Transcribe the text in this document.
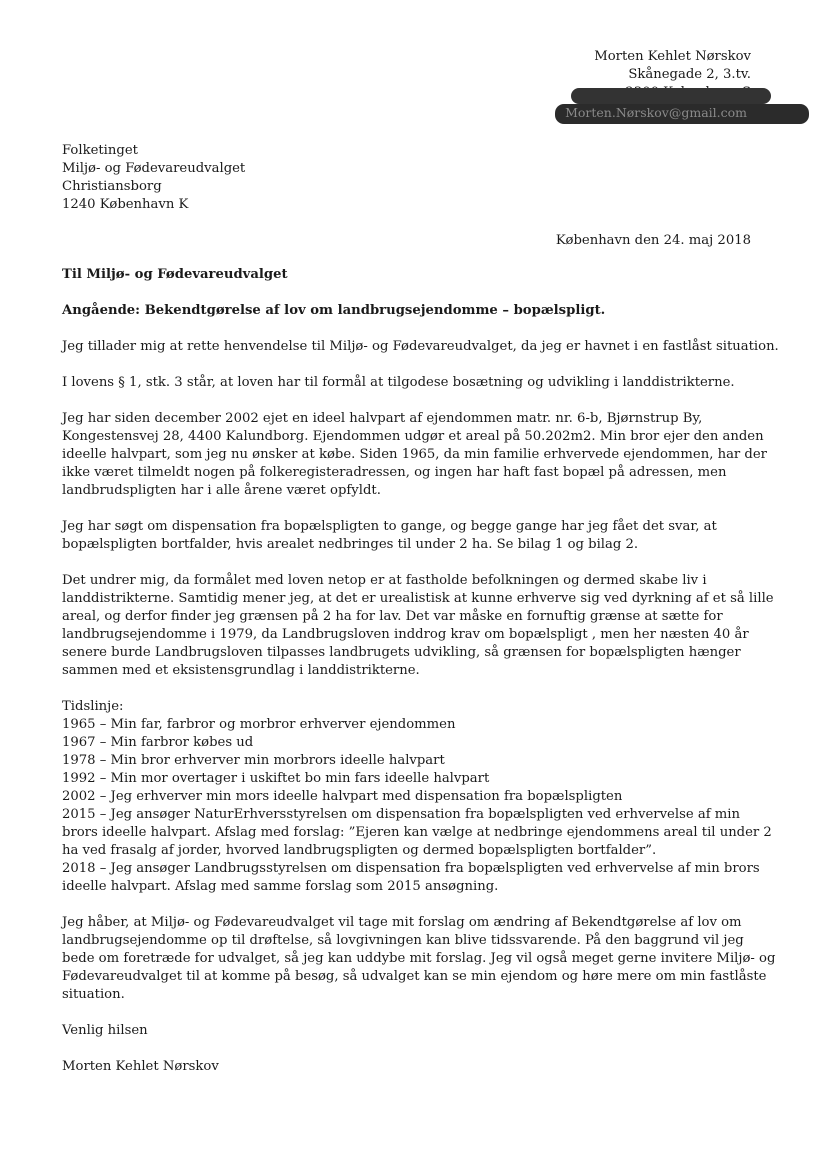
Morten Kehlet Nørskov
Skånegade 2, 3.tv.
Morten.Nørskov@gmail.com
Folketinget
Miljø- og Fødevareudvalget
Christiansborg
1240 København K
København den 24. maj 2018

Til Miljø- og Fødevareudvalget

Angående: Bekendtgørelse af lov om landbrugsejendomme – bopælspligt.

Jeg tillader mig at rette henvendelse til Miljø- og Fødevareudvalget, da jeg er havnet i en fastlåst situation.
I lovens § 1, stk. 3 står, at loven har til formål at tilgodese bosætning og udvikling i landdistrikterne.
Jeg har siden december 2002 ejet en ideel halvpart af ejendommen matr. nr. 6-b, Bjørnstrup By,
Kongestensvej 28, 4400 Kalundborg. Ejendommen udgør et areal på 50.202m2. Min bror ejer den anden
ideelle halvpart, som jeg nu ønsker at købe. Siden 1965, da min familie erhvervede ejendommen, har der
ikke været tilmeldt nogen på folkeregisteradressen, og ingen har haft fast bopæl på adressen, men
landbrudspligten har i alle årene været opfyldt.
Jeg har søgt om dispensation fra bopælspligten to gange, og begge gange har jeg fået det svar, at
bopælspligten bortfalder, hvis arealet nedbringes til under 2 ha. Se bilag 1 og bilag 2.
Det undrer mig, da formålet med loven netop er at fastholde befolkningen og dermed skabe liv i
landdistrikterne. Samtidig mener jeg, at det er urealistisk at kunne erhverve sig ved dyrkning af et så lille
areal, og derfor finder jeg grænsen på 2 ha for lav. Det var måske en fornuftig grænse at sætte for
landbrugsejendomme i 1979, da Landbrugsloven inddrog krav om bopælspligt , men her næsten 40 år
senere burde Landbrugsloven tilpasses landbrugets udvikling, så grænsen for bopælspligten hænger
sammen med et eksistensgrundlag i landdistrikterne.
Tidslinje:
1965 – Min far, farbror og morbror erhverver ejendommen
1967 – Min farbror købes ud
1978 – Min bror erhverver min morbrors ideelle halvpart
1992 – Min mor overtager i uskiftet bo min fars ideelle halvpart
2002 – Jeg erhverver min mors ideelle halvpart med dispensation fra bopælspligten
2015 – Jeg ansøger NaturErhversstyrelsen om dispensation fra bopælspligten ved erhvervelse af min
brors ideelle halvpart. Afslag med forslag: ”Ejeren kan vælge at nedbringe ejendommens areal til under 2
ha ved frasalg af jorder, hvorved landbrugspligten og dermed bopælspligten bortfalder”.
2018 – Jeg ansøger Landbrugsstyrelsen om dispensation fra bopælspligten ved erhvervelse af min brors
ideelle halvpart. Afslag med samme forslag som 2015 ansøgning.
Jeg håber, at Miljø- og Fødevareudvalget vil tage mit forslag om ændring af Bekendtgørelse af lov om
landbrugsejendomme op til drøftelse, så lovgivningen kan blive tidssvarende. På den baggrund vil jeg
bede om foretræde for udvalget, så jeg kan uddybe mit forslag. Jeg vil også meget gerne invitere Miljø- og
Fødevareudvalget til at komme på besøg, så udvalget kan se min ejendom og høre mere om min fastlåste
situation.

Venlig hilsen

Morten Kehlet Nørskov
